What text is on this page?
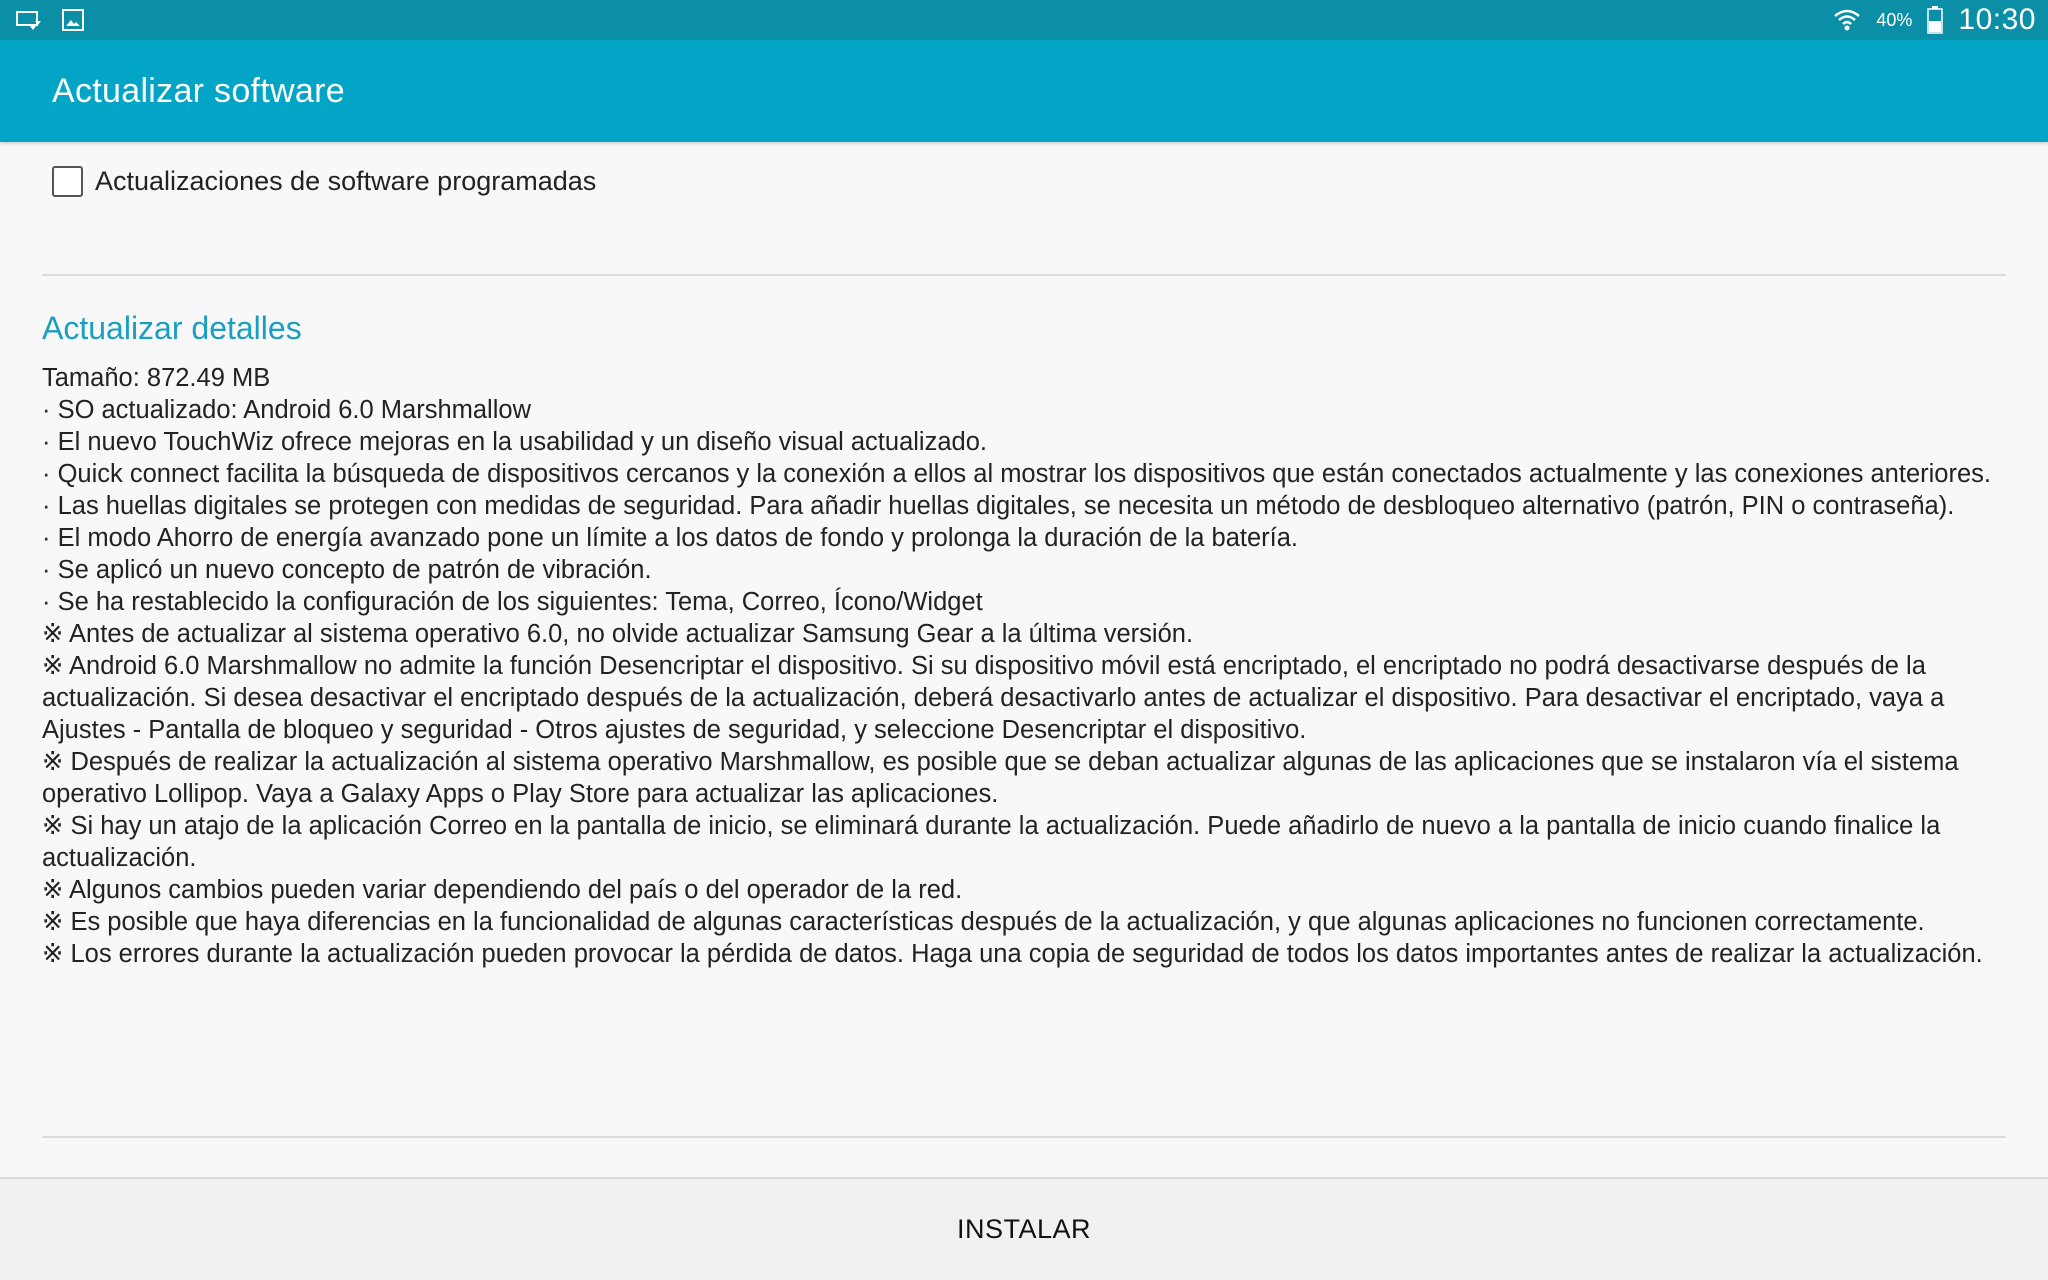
40% 10:30
Actualizar software
Actualizaciones de software programadas
Actualizar detalles

Tamaño: 872.49 MB

· SO actualizado: Android 6.0 Marshmallow

· El nuevo TouchWiz ofrece mejoras en la usabilidad y un diseño visual actualizado.

· Quick connect facilita la búsqueda de dispositivos cercanos y la conexión a ellos al mostrar los dispositivos que están conectados actualmente y las conexiones anteriores.

· Las huellas digitales se protegen con medidas de seguridad. Para añadir huellas digitales, se necesita un método de desbloqueo alternativo (patrón, PIN o contraseña).

· El modo Ahorro de energía avanzado pone un límite a los datos de fondo y prolonga la duración de la batería.

· Se aplicó un nuevo concepto de patrón de vibración.

· Se ha restablecido la configuración de los siguientes: Tema, Correo, Ícono/Widget

※ Antes de actualizar al sistema operativo 6.0, no olvide actualizar Samsung Gear a la última versión.

※ Android 6.0 Marshmallow no admite la función Desencriptar el dispositivo. Si su dispositivo móvil está encriptado, el encriptado no podrá desactivarse después de la actualización. Si desea desactivar el encriptado después de la actualización, deberá desactivarlo antes de actualizar el dispositivo. Para desactivar el encriptado, vaya a Ajustes - Pantalla de bloqueo y seguridad - Otros ajustes de seguridad, y seleccione Desencriptar el dispositivo.

※ Después de realizar la actualización al sistema operativo Marshmallow, es posible que se deban actualizar algunas de las aplicaciones que se instalaron vía el sistema operativo Lollipop. Vaya a Galaxy Apps o Play Store para actualizar las aplicaciones.

※ Si hay un atajo de la aplicación Correo en la pantalla de inicio, se eliminará durante la actualización. Puede añadirlo de nuevo a la pantalla de inicio cuando finalice la actualización.

※ Algunos cambios pueden variar dependiendo del país o del operador de la red.

※ Es posible que haya diferencias en la funcionalidad de algunas características después de la actualización, y que algunas aplicaciones no funcionen correctamente.

※ Los errores durante la actualización pueden provocar la pérdida de datos. Haga una copia de seguridad de todos los datos importantes antes de realizar la actualización.

INSTALAR
